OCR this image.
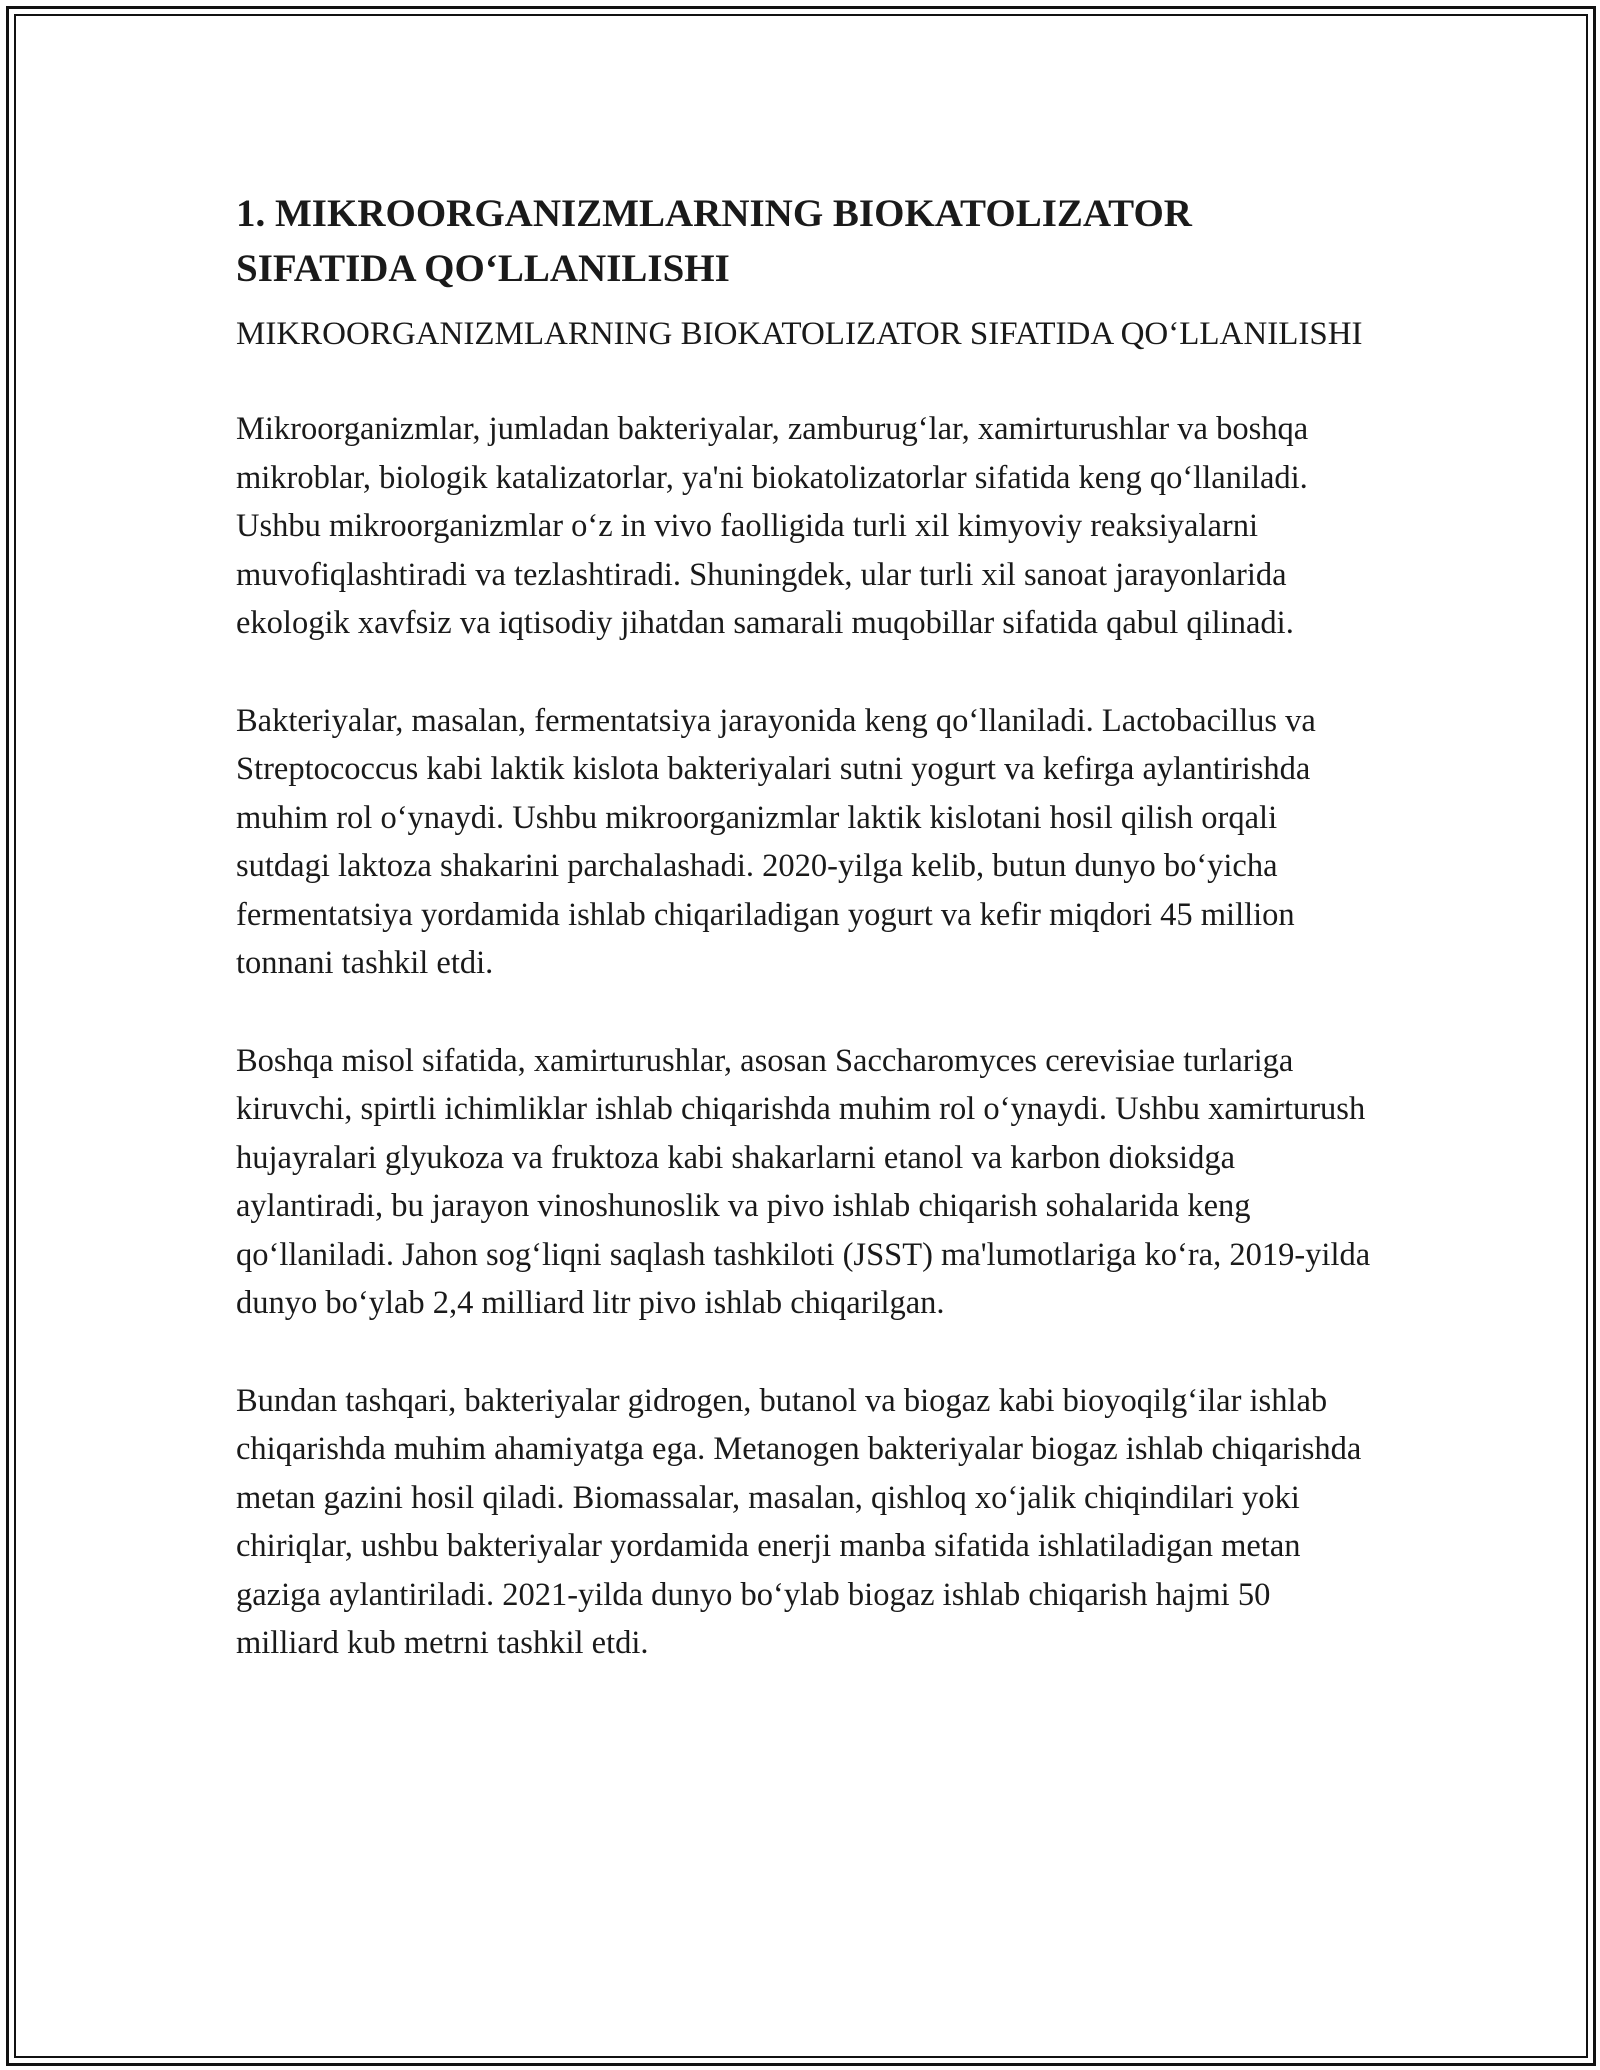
1. MIKROORGANIZMLARNING BIOKATOLIZATOR SIFATIDA QO‘LLANILISHI

MIKROORGANIZMLARNING BIOKATOLIZATOR SIFATIDA QO‘LLANILISHI

Mikroorganizmlar, jumladan bakteriyalar, zamburug‘lar, xamirturushlar va boshqa mikroblar, biologik katalizatorlar, ya'ni biokatolizatorlar sifatida keng qo‘llaniladi. Ushbu mikroorganizmlar o‘z in vivo faolligida turli xil kimyoviy reaksiyalarni muvofiqlashtiradi va tezlashtiradi. Shuningdek, ular turli xil sanoat jarayonlarida ekologik xavfsiz va iqtisodiy jihatdan samarali muqobillar sifatida qabul qilinadi.

Bakteriyalar, masalan, fermentatsiya jarayonida keng qo‘llaniladi. Lactobacillus va Streptococcus kabi laktik kislota bakteriyalari sutni yogurt va kefirga aylantirishda muhim rol o‘ynaydi. Ushbu mikroorganizmlar laktik kislotani hosil qilish orqali sutdagi laktoza shakarini parchalashadi. 2020-yilga kelib, butun dunyo bo‘yicha fermentatsiya yordamida ishlab chiqariladigan yogurt va kefir miqdori 45 million tonnani tashkil etdi.

Boshqa misol sifatida, xamirturushlar, asosan Saccharomyces cerevisiae turlariga kiruvchi, spirtli ichimliklar ishlab chiqarishda muhim rol o‘ynaydi. Ushbu xamirturush hujayralari glyukoza va fruktoza kabi shakarlarni etanol va karbon dioksidga aylantiradi, bu jarayon vinoshunoslik va pivo ishlab chiqarish sohalarida keng qo‘llaniladi. Jahon sog‘liqni saqlash tashkiloti (JSST) ma'lumotlariga ko‘ra, 2019-yilda dunyo bo‘ylab 2,4 milliard litr pivo ishlab chiqarilgan.

Bundan tashqari, bakteriyalar gidrogen, butanol va biogaz kabi bioyoqilg‘ilar ishlab chiqarishda muhim ahamiyatga ega. Metanogen bakteriyalar biogaz ishlab chiqarishda metan gazini hosil qiladi. Biomassalar, masalan, qishloq xo‘jalik chiqindilari yoki chiriqlar, ushbu bakteriyalar yordamida enerji manba sifatida ishlatiladigan metan gaziga aylantiriladi. 2021-yilda dunyo bo‘ylab biogaz ishlab chiqarish hajmi 50 milliard kub metrni tashkil etdi.
